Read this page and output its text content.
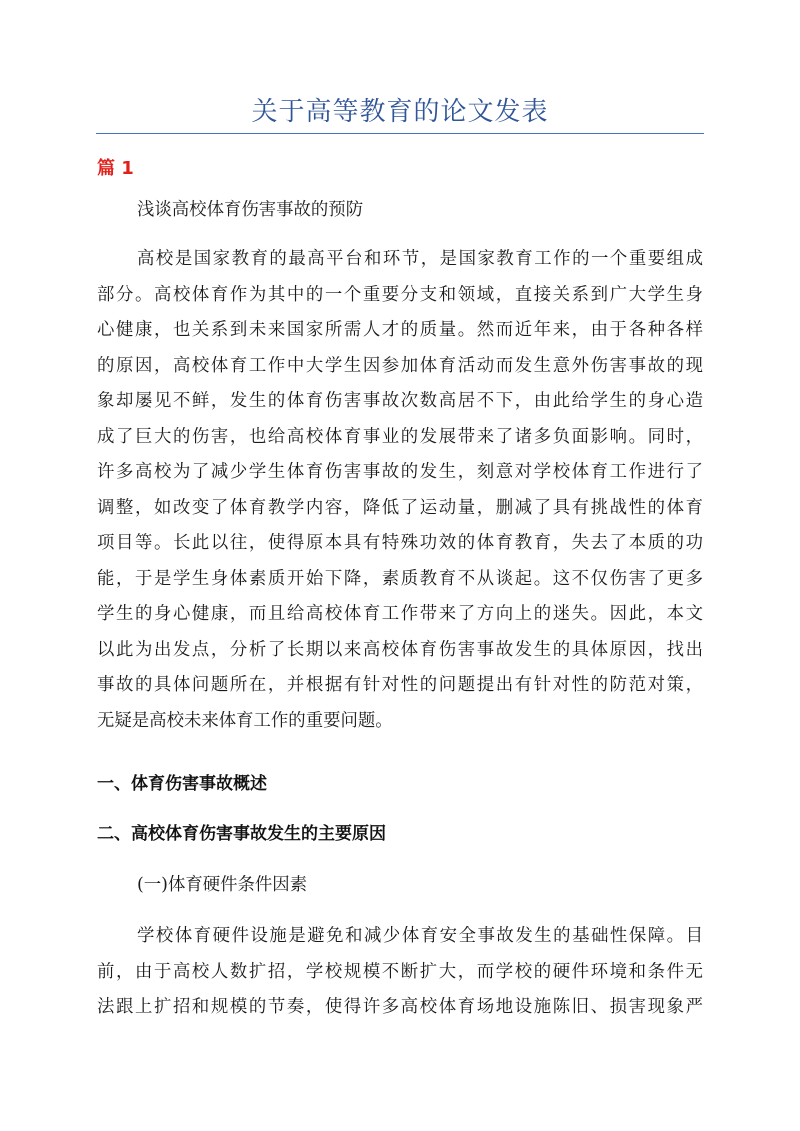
关于高等教育的论文发表

篇 1

浅谈高校体育伤害事故的预防

高校是国家教育的最高平台和环节，是国家教育工作的一个重要组成
部分。高校体育作为其中的一个重要分支和领域，直接关系到广大学生身
心健康，也关系到未来国家所需人才的质量。然而近年来，由于各种各样
的原因，高校体育工作中大学生因参加体育活动而发生意外伤害事故的现
象却屡见不鲜，发生的体育伤害事故次数高居不下，由此给学生的身心造
成了巨大的伤害，也给高校体育事业的发展带来了诸多负面影响。同时，
许多高校为了减少学生体育伤害事故的发生，刻意对学校体育工作进行了
调整，如改变了体育教学内容，降低了运动量，删减了具有挑战性的体育
项目等。长此以往，使得原本具有特殊功效的体育教育，失去了本质的功
能，于是学生身体素质开始下降，素质教育不从谈起。这不仅伤害了更多
学生的身心健康，而且给高校体育工作带来了方向上的迷失。因此，本文
以此为出发点，分析了长期以来高校体育伤害事故发生的具体原因，找出
事故的具体问题所在，并根据有针对性的问题提出有针对性的防范对策，
无疑是高校未来体育工作的重要问题。
一、体育伤害事故概述
二、高校体育伤害事故发生的主要原因

(一)体育硬件条件因素

学校体育硬件设施是避免和减少体育安全事故发生的基础性保障。目
前，由于高校人数扩招，学校规模不断扩大，而学校的硬件环境和条件无
法跟上扩招和规模的节奏，使得许多高校体育场地设施陈旧、损害现象严
